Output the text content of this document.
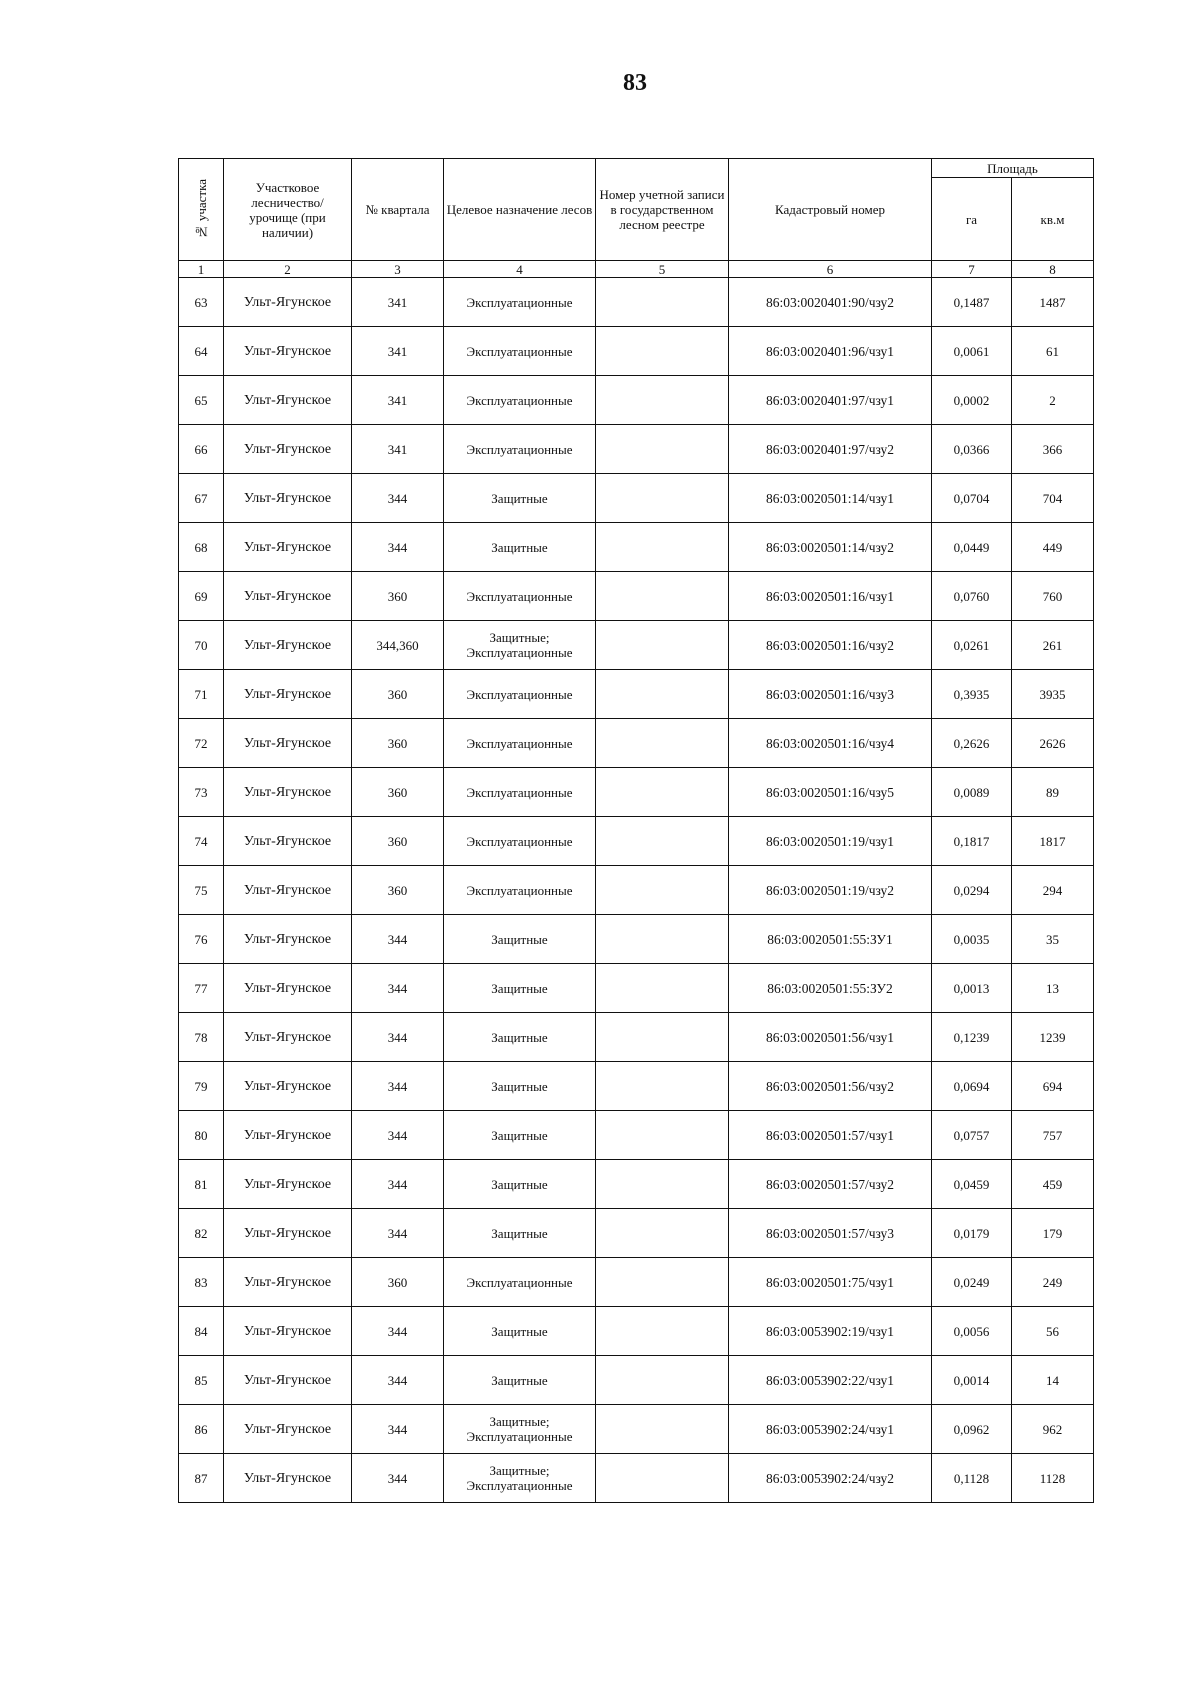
83
№ участка	Участковое лесничество/ урочище (при наличии)	№ квартала	Целевое назначение лесов	Номер учетной записи в государственном лесном реестре	Кадастровый номер	Площадь	
						га	кв.м
1	2	3	4	5	6	7	8
63	Ульт-Ягунское	341	Эксплуатационные		86:03:0020401:90/чзу2	0,1487	1487
64	Ульт-Ягунское	341	Эксплуатационные		86:03:0020401:96/чзу1	0,0061	61
65	Ульт-Ягунское	341	Эксплуатационные		86:03:0020401:97/чзу1	0,0002	2
66	Ульт-Ягунское	341	Эксплуатационные		86:03:0020401:97/чзу2	0,0366	366
67	Ульт-Ягунское	344	Защитные		86:03:0020501:14/чзу1	0,0704	704
68	Ульт-Ягунское	344	Защитные		86:03:0020501:14/чзу2	0,0449	449
69	Ульт-Ягунское	360	Эксплуатационные		86:03:0020501:16/чзу1	0,0760	760
70	Ульт-Ягунское	344,360	Защитные; Эксплуатационные		86:03:0020501:16/чзу2	0,0261	261
71	Ульт-Ягунское	360	Эксплуатационные		86:03:0020501:16/чзу3	0,3935	3935
72	Ульт-Ягунское	360	Эксплуатационные		86:03:0020501:16/чзу4	0,2626	2626
73	Ульт-Ягунское	360	Эксплуатационные		86:03:0020501:16/чзу5	0,0089	89
74	Ульт-Ягунское	360	Эксплуатационные		86:03:0020501:19/чзу1	0,1817	1817
75	Ульт-Ягунское	360	Эксплуатационные		86:03:0020501:19/чзу2	0,0294	294
76	Ульт-Ягунское	344	Защитные		86:03:0020501:55:ЗУ1	0,0035	35
77	Ульт-Ягунское	344	Защитные		86:03:0020501:55:ЗУ2	0,0013	13
78	Ульт-Ягунское	344	Защитные		86:03:0020501:56/чзу1	0,1239	1239
79	Ульт-Ягунское	344	Защитные		86:03:0020501:56/чзу2	0,0694	694
80	Ульт-Ягунское	344	Защитные		86:03:0020501:57/чзу1	0,0757	757
81	Ульт-Ягунское	344	Защитные		86:03:0020501:57/чзу2	0,0459	459
82	Ульт-Ягунское	344	Защитные		86:03:0020501:57/чзу3	0,0179	179
83	Ульт-Ягунское	360	Эксплуатационные		86:03:0020501:75/чзу1	0,0249	249
84	Ульт-Ягунское	344	Защитные		86:03:0053902:19/чзу1	0,0056	56
85	Ульт-Ягунское	344	Защитные		86:03:0053902:22/чзу1	0,0014	14
86	Ульт-Ягунское	344	Защитные; Эксплуатационные		86:03:0053902:24/чзу1	0,0962	962
87	Ульт-Ягунское	344	Защитные; Эксплуатационные		86:03:0053902:24/чзу2	0,1128	1128
